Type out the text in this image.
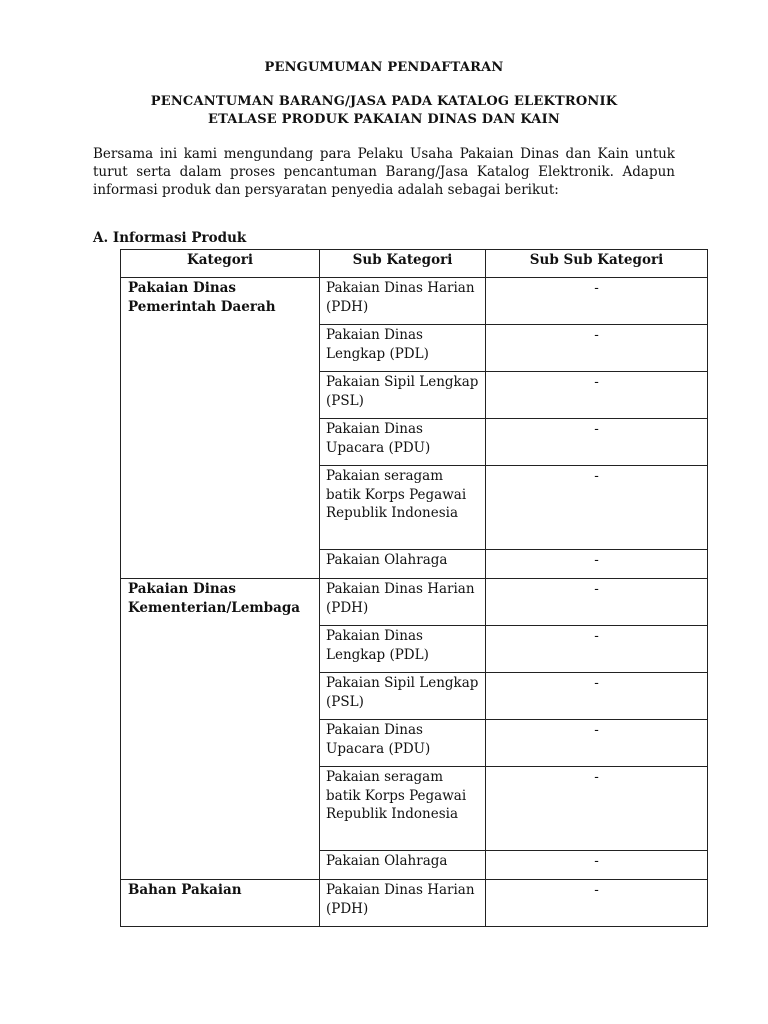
PENGUMUMAN PENDAFTARAN
PENCANTUMAN BARANG/JASA PADA KATALOG ELEKTRONIK
ETALASE PRODUK PAKAIAN DINAS DAN KAIN
Bersama ini kami mengundang para Pelaku Usaha Pakaian Dinas dan Kain untuk turut serta dalam proses pencantuman Barang/Jasa Katalog Elektronik. Adapun informasi produk dan persyaratan penyedia adalah sebagai berikut:
A. Informasi Produk
Kategori	Sub Kategori	Sub Sub Kategori

Pakaian Dinas Pemerintah Daerah	Pakaian Dinas Harian (PDH)	-
	Pakaian Dinas Lengkap (PDL)	-
	Pakaian Sipil Lengkap (PSL)	-
	Pakaian Dinas Upacara (PDU)	-
	Pakaian seragam batik Korps Pegawai Republik Indonesia	-
	Pakaian Olahraga	-
Pakaian Dinas Kementerian/Lembaga	Pakaian Dinas Harian (PDH)	-
	Pakaian Dinas Lengkap (PDL)	-
	Pakaian Sipil Lengkap (PSL)	-
	Pakaian Dinas Upacara (PDU)	-
	Pakaian seragam batik Korps Pegawai Republik Indonesia	-
	Pakaian Olahraga	-
Bahan Pakaian	Pakaian Dinas Harian (PDH)	-
